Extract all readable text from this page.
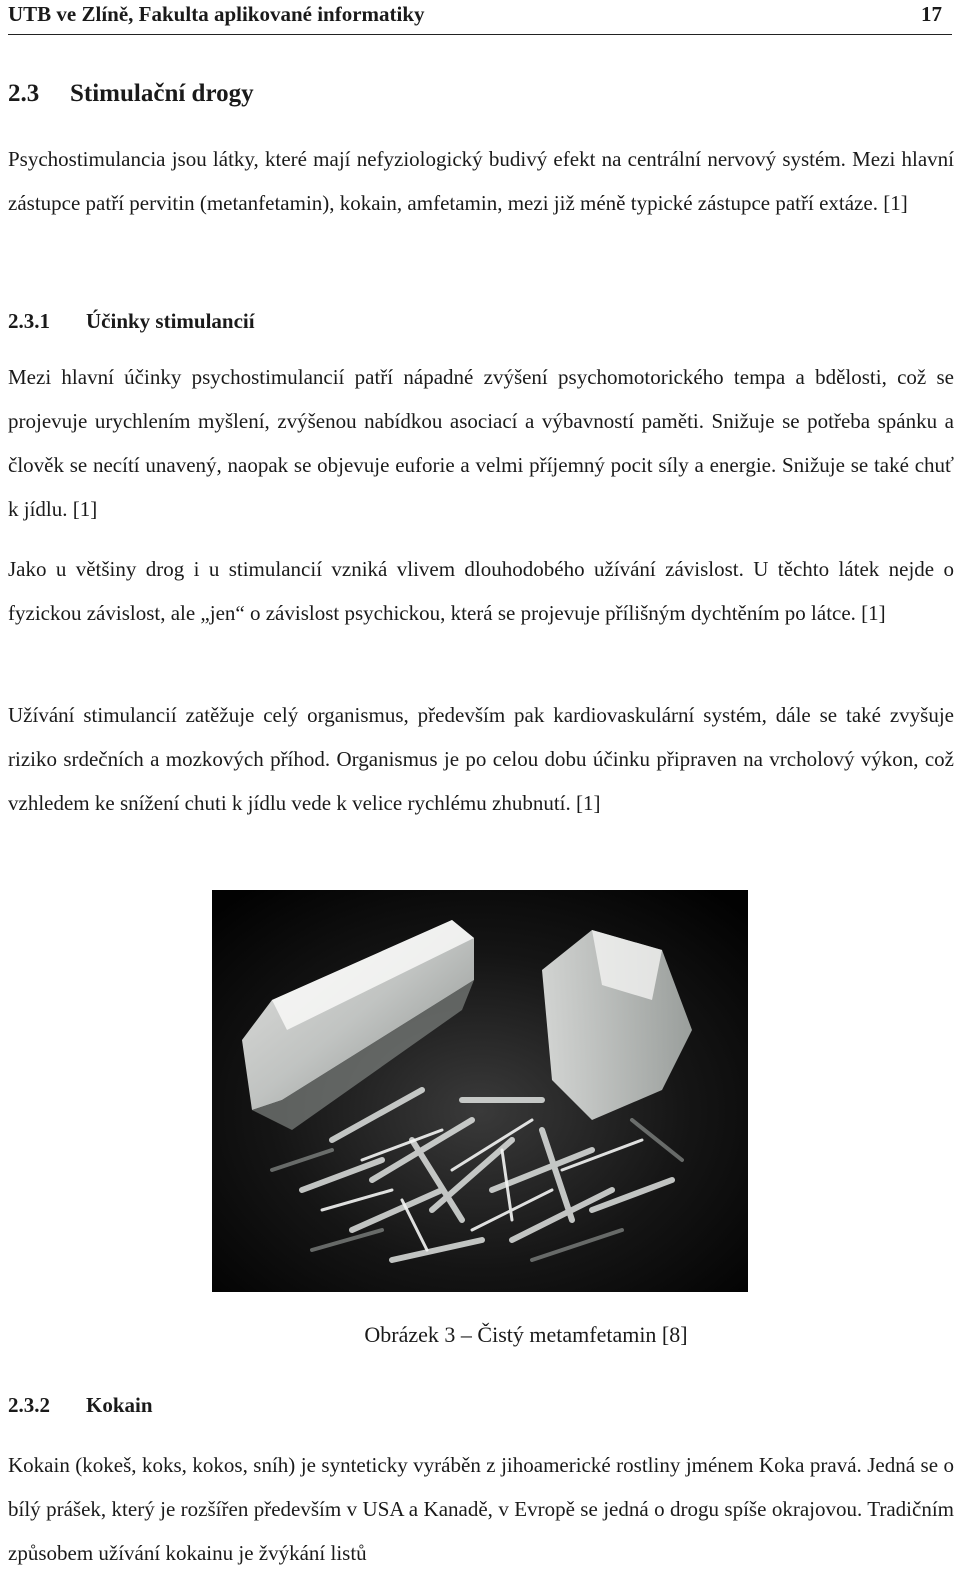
UTB ve Zlíně, Fakulta aplikované informatiky	17
2.3 Stimulační drogy

Psychostimulancia jsou látky, které mají nefyziologický budivý efekt na centrální nervový systém. Mezi hlavní zástupce patří pervitin (metanfetamin), kokain, amfetamin, mezi již méně typické zástupce patří extáze. [1]

2.3.1 Účinky stimulancií

Mezi hlavní účinky psychostimulancií patří nápadné zvýšení psychomotorického tempa a bdělosti, což se projevuje urychlením myšlení, zvýšenou nabídkou asociací a výbavností paměti. Snižuje se potřeba spánku a člověk se necítí unavený, naopak se objevuje euforie a velmi příjemný pocit síly a energie. Snižuje se také chuť k jídlu. [1]

Jako u většiny drog i u stimulancií vzniká vlivem dlouhodobého užívání závislost. U těchto látek nejde o fyzickou závislost, ale „jen“ o závislost psychickou, která se projevuje přílišným dychtěním po látce. [1]

Užívání stimulancií zatěžuje celý organismus, především pak kardiovaskulární systém, dále se také zvyšuje riziko srdečních a mozkových příhod. Organismus je po celou dobu účinku připraven na vrcholový výkon, což vzhledem ke snížení chuti k jídlu vede k velice rychlému zhubnutí. [1]

Obrázek 3 – Čistý metamfetamin [8]
2.3.2 Kokain

Kokain (kokeš, koks, kokos, sníh) je synteticky vyráběn z jihoamerické rostliny jménem Koka pravá. Jedná se o bílý prášek, který je rozšířen především v USA a Kanadě, v Evropě se jedná o drogu spíše okrajovou. Tradičním způsobem užívání kokainu je žvýkání listů
